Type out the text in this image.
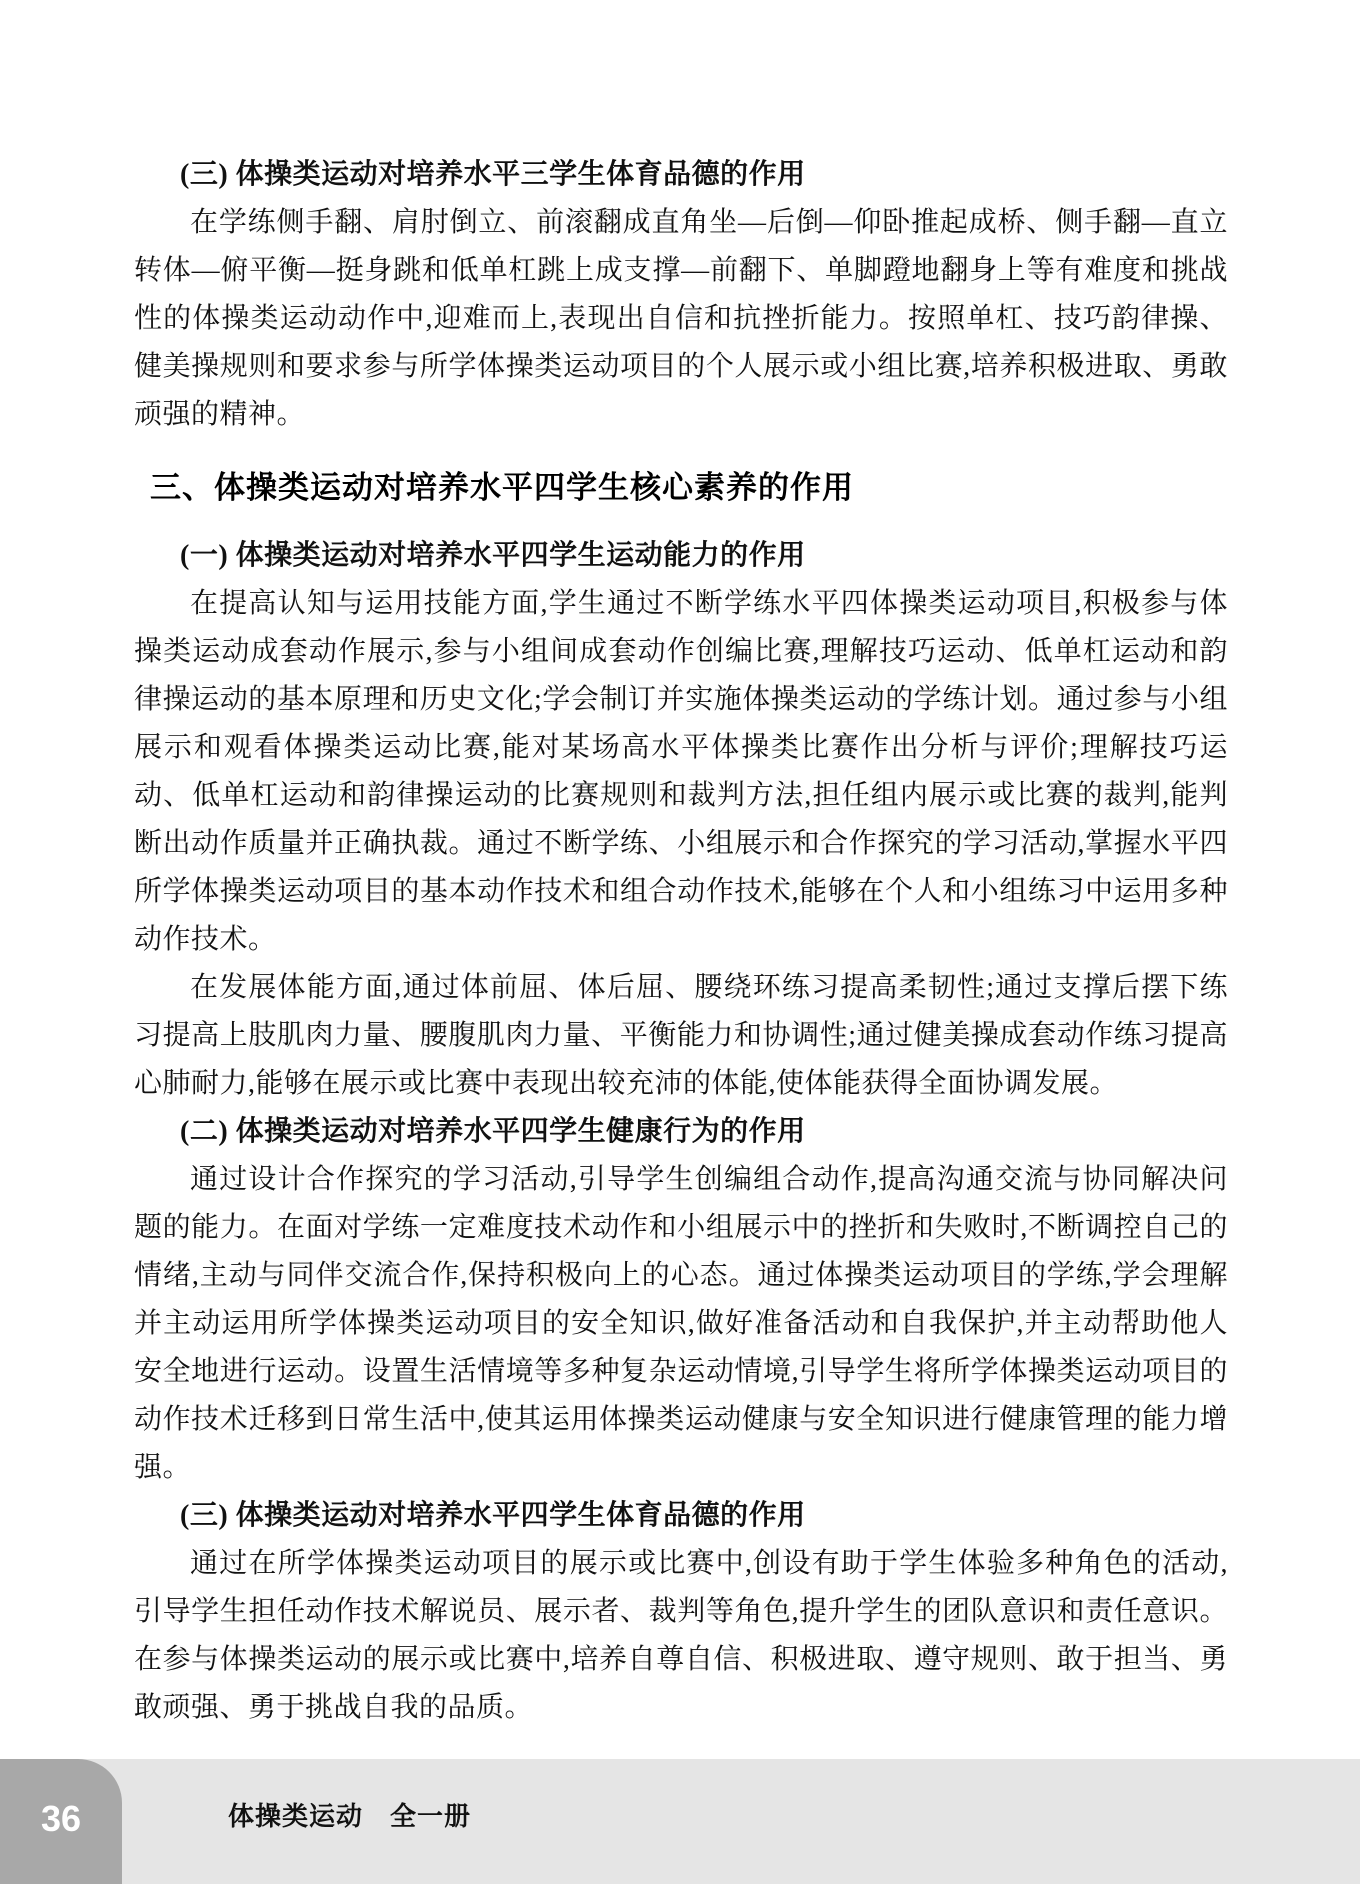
(三) 体操类运动对培养水平三学生体育品德的作用

在学练侧手翻、肩肘倒立、前滚翻成直角坐—后倒—仰卧推起成桥、侧手翻—直立转体—俯平衡—挺身跳和低单杠跳上成支撑—前翻下、单脚蹬地翻身上等有难度和挑战性的体操类运动动作中,迎难而上,表现出自信和抗挫折能力。按照单杠、技巧韵律操、健美操规则和要求参与所学体操类运动项目的个人展示或小组比赛,培养积极进取、勇敢顽强的精神。

三、体操类运动对培养水平四学生核心素养的作用
(一) 体操类运动对培养水平四学生运动能力的作用

在提高认知与运用技能方面,学生通过不断学练水平四体操类运动项目,积极参与体操类运动成套动作展示,参与小组间成套动作创编比赛,理解技巧运动、低单杠运动和韵律操运动的基本原理和历史文化;学会制订并实施体操类运动的学练计划。通过参与小组展示和观看体操类运动比赛,能对某场高水平体操类比赛作出分析与评价;理解技巧运动、低单杠运动和韵律操运动的比赛规则和裁判方法,担任组内展示或比赛的裁判,能判断出动作质量并正确执裁。通过不断学练、小组展示和合作探究的学习活动,掌握水平四所学体操类运动项目的基本动作技术和组合动作技术,能够在个人和小组练习中运用多种动作技术。

在发展体能方面,通过体前屈、体后屈、腰绕环练习提高柔韧性;通过支撑后摆下练习提高上肢肌肉力量、腰腹肌肉力量、平衡能力和协调性;通过健美操成套动作练习提高心肺耐力,能够在展示或比赛中表现出较充沛的体能,使体能获得全面协调发展。

(二) 体操类运动对培养水平四学生健康行为的作用

通过设计合作探究的学习活动,引导学生创编组合动作,提高沟通交流与协同解决问题的能力。在面对学练一定难度技术动作和小组展示中的挫折和失败时,不断调控自己的情绪,主动与同伴交流合作,保持积极向上的心态。通过体操类运动项目的学练,学会理解并主动运用所学体操类运动项目的安全知识,做好准备活动和自我保护,并主动帮助他人安全地进行运动。设置生活情境等多种复杂运动情境,引导学生将所学体操类运动项目的动作技术迁移到日常生活中,使其运用体操类运动健康与安全知识进行健康管理的能力增强。

(三) 体操类运动对培养水平四学生体育品德的作用

通过在所学体操类运动项目的展示或比赛中,创设有助于学生体验多种角色的活动,引导学生担任动作技术解说员、展示者、裁判等角色,提升学生的团队意识和责任意识。在参与体操类运动的展示或比赛中,培养自尊自信、积极进取、遵守规则、敢于担当、勇敢顽强、勇于挑战自我的品质。

36	体操类运动　全一册
